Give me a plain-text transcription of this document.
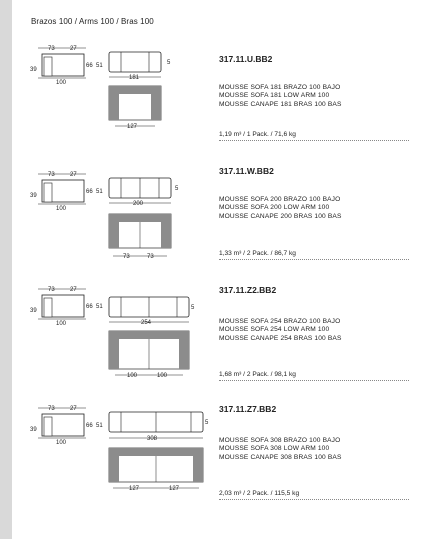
Brazos 100 / Arms 100 / Bras 100
73	27
39
66 51
100
5
181
127
317.11.U.BB2
MOUSSE SOFA 181 BRAZO 100 BAJO
MOUSSE SOFA 181 LOW ARM 100
MOUSSE CANAPE 181 BRAS 100 BAS
1,19 m³ / 1 Pack. / 71,6 kg
73	27
39
66 51
100
5
200
73	73
317.11.W.BB2
MOUSSE SOFA 200 BRAZO 100 BAJO
MOUSSE SOFA 200 LOW ARM 100
MOUSSE CANAPE 200 BRAS 100 BAS
1,33 m³ / 2 Pack. / 86,7 kg
73	27
39
66 51
100
5
254
100	100
317.11.Z2.BB2
MOUSSE SOFA 254 BRAZO 100 BAJO
MOUSSE SOFA 254 LOW ARM 100
MOUSSE CANAPE 254 BRAS 100 BAS
1,68 m³ / 2 Pack. / 98,1 kg
73	27
39
66 51
100
5
308
127	127
317.11.Z7.BB2
MOUSSE SOFA 308 BRAZO 100 BAJO
MOUSSE SOFA 308 LOW ARM 100
MOUSSE CANAPE 308 BRAS 100 BAS
2,03 m³ / 2 Pack. / 115,5 kg
